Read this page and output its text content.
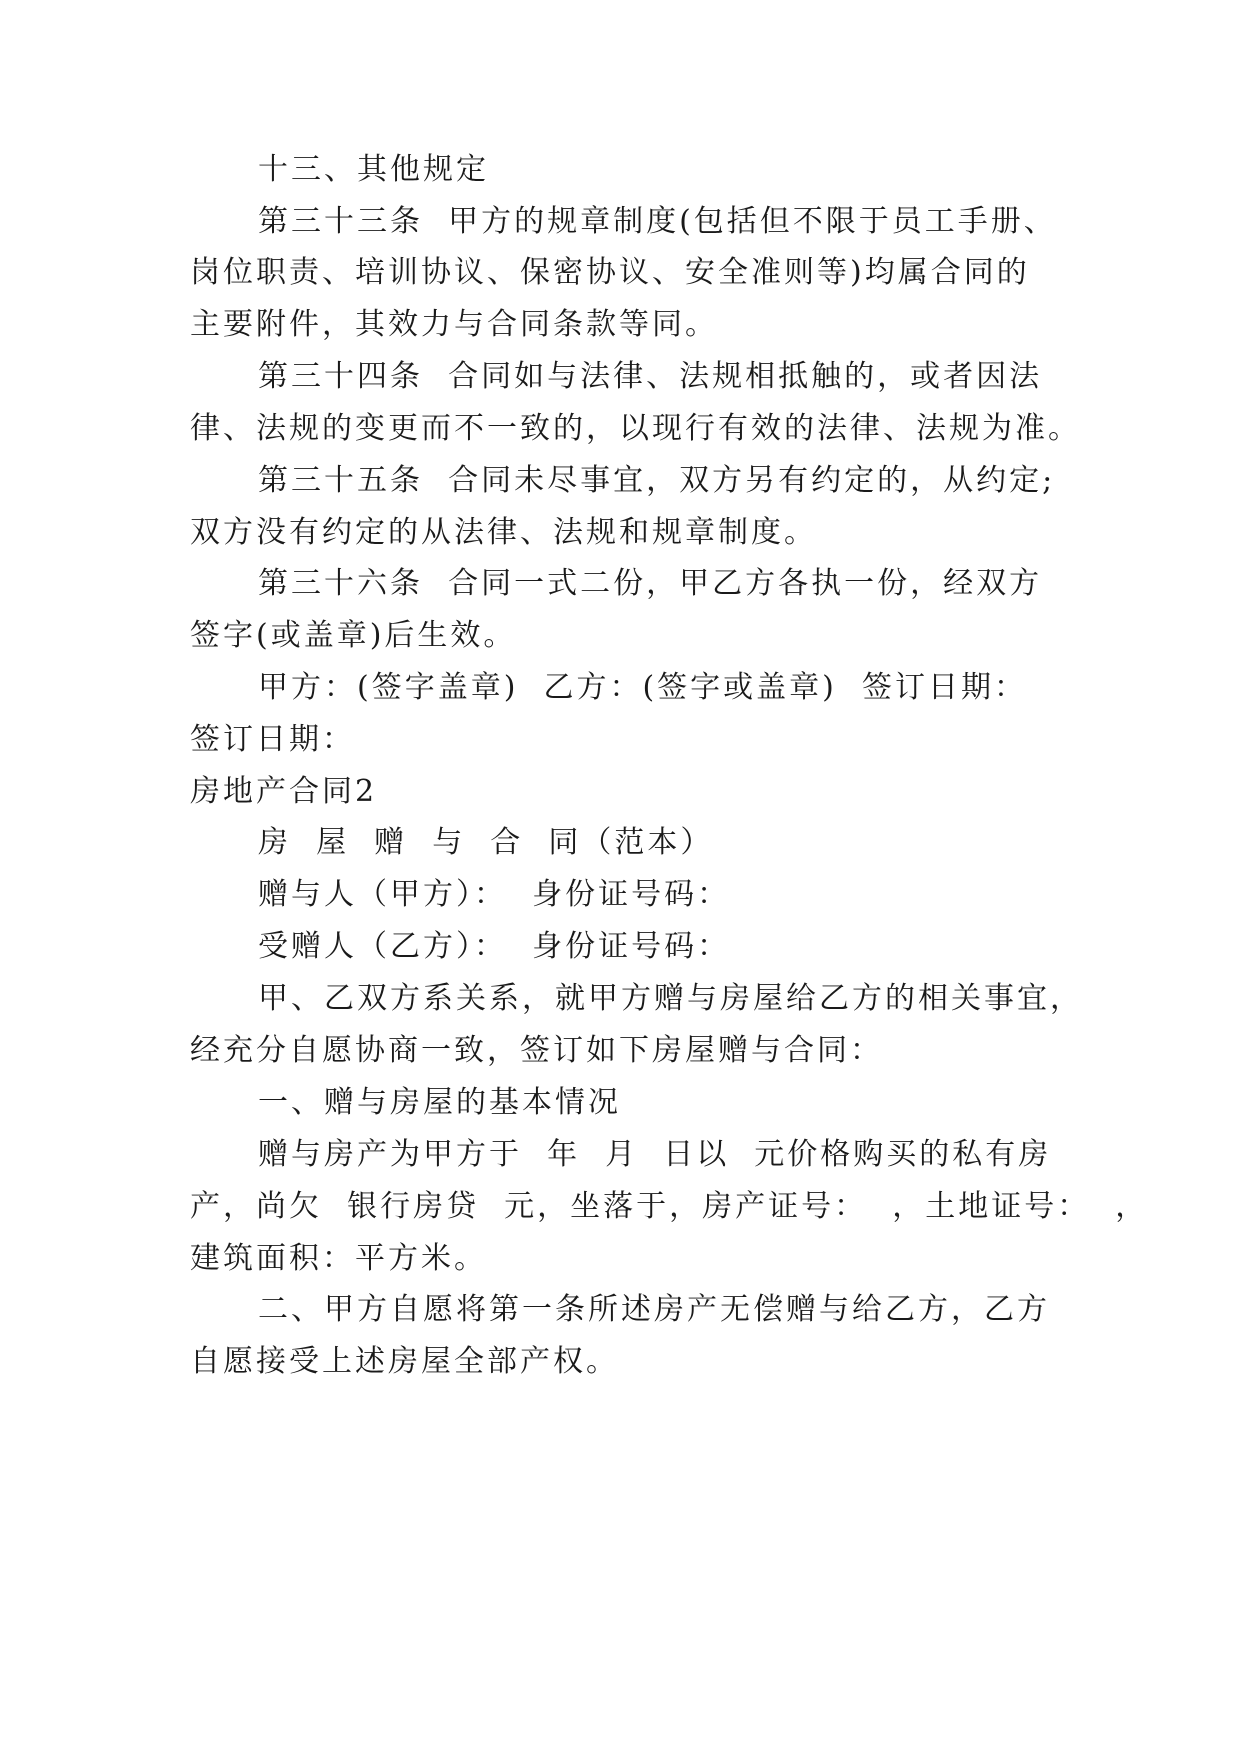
十三、其他规定

第三十三条  甲方的规章制度(包括但不限于员工手册、

岗位职责、培训协议、保密协议、安全准则等)均属合同的

主要附件，其效力与合同条款等同。

第三十四条  合同如与法律、法规相抵触的，或者因法

律、法规的变更而不一致的，以现行有效的法律、法规为准。

第三十五条  合同未尽事宜，双方另有约定的，从约定;

双方没有约定的从法律、法规和规章制度。

第三十六条  合同一式二份，甲乙方各执一份，经双方

签字(或盖章)后生效。

甲方：(签字盖章)  乙方：(签字或盖章)  签订日期：

签订日期：

房地产合同2

房  屋  赠  与  合  同（范本）

赠与人（甲方）：  身份证号码：

受赠人（乙方）：  身份证号码：

甲、乙双方系关系，就甲方赠与房屋给乙方的相关事宜，

经充分自愿协商一致，签订如下房屋赠与合同：

一、赠与房屋的基本情况

赠与房产为甲方于  年  月  日以  元价格购买的私有房

产，尚欠  银行房贷  元，坐落于，房产证号：  ，土地证号：  ，

建筑面积：平方米。

二、甲方自愿将第一条所述房产无偿赠与给乙方，乙方

自愿接受上述房屋全部产权。
